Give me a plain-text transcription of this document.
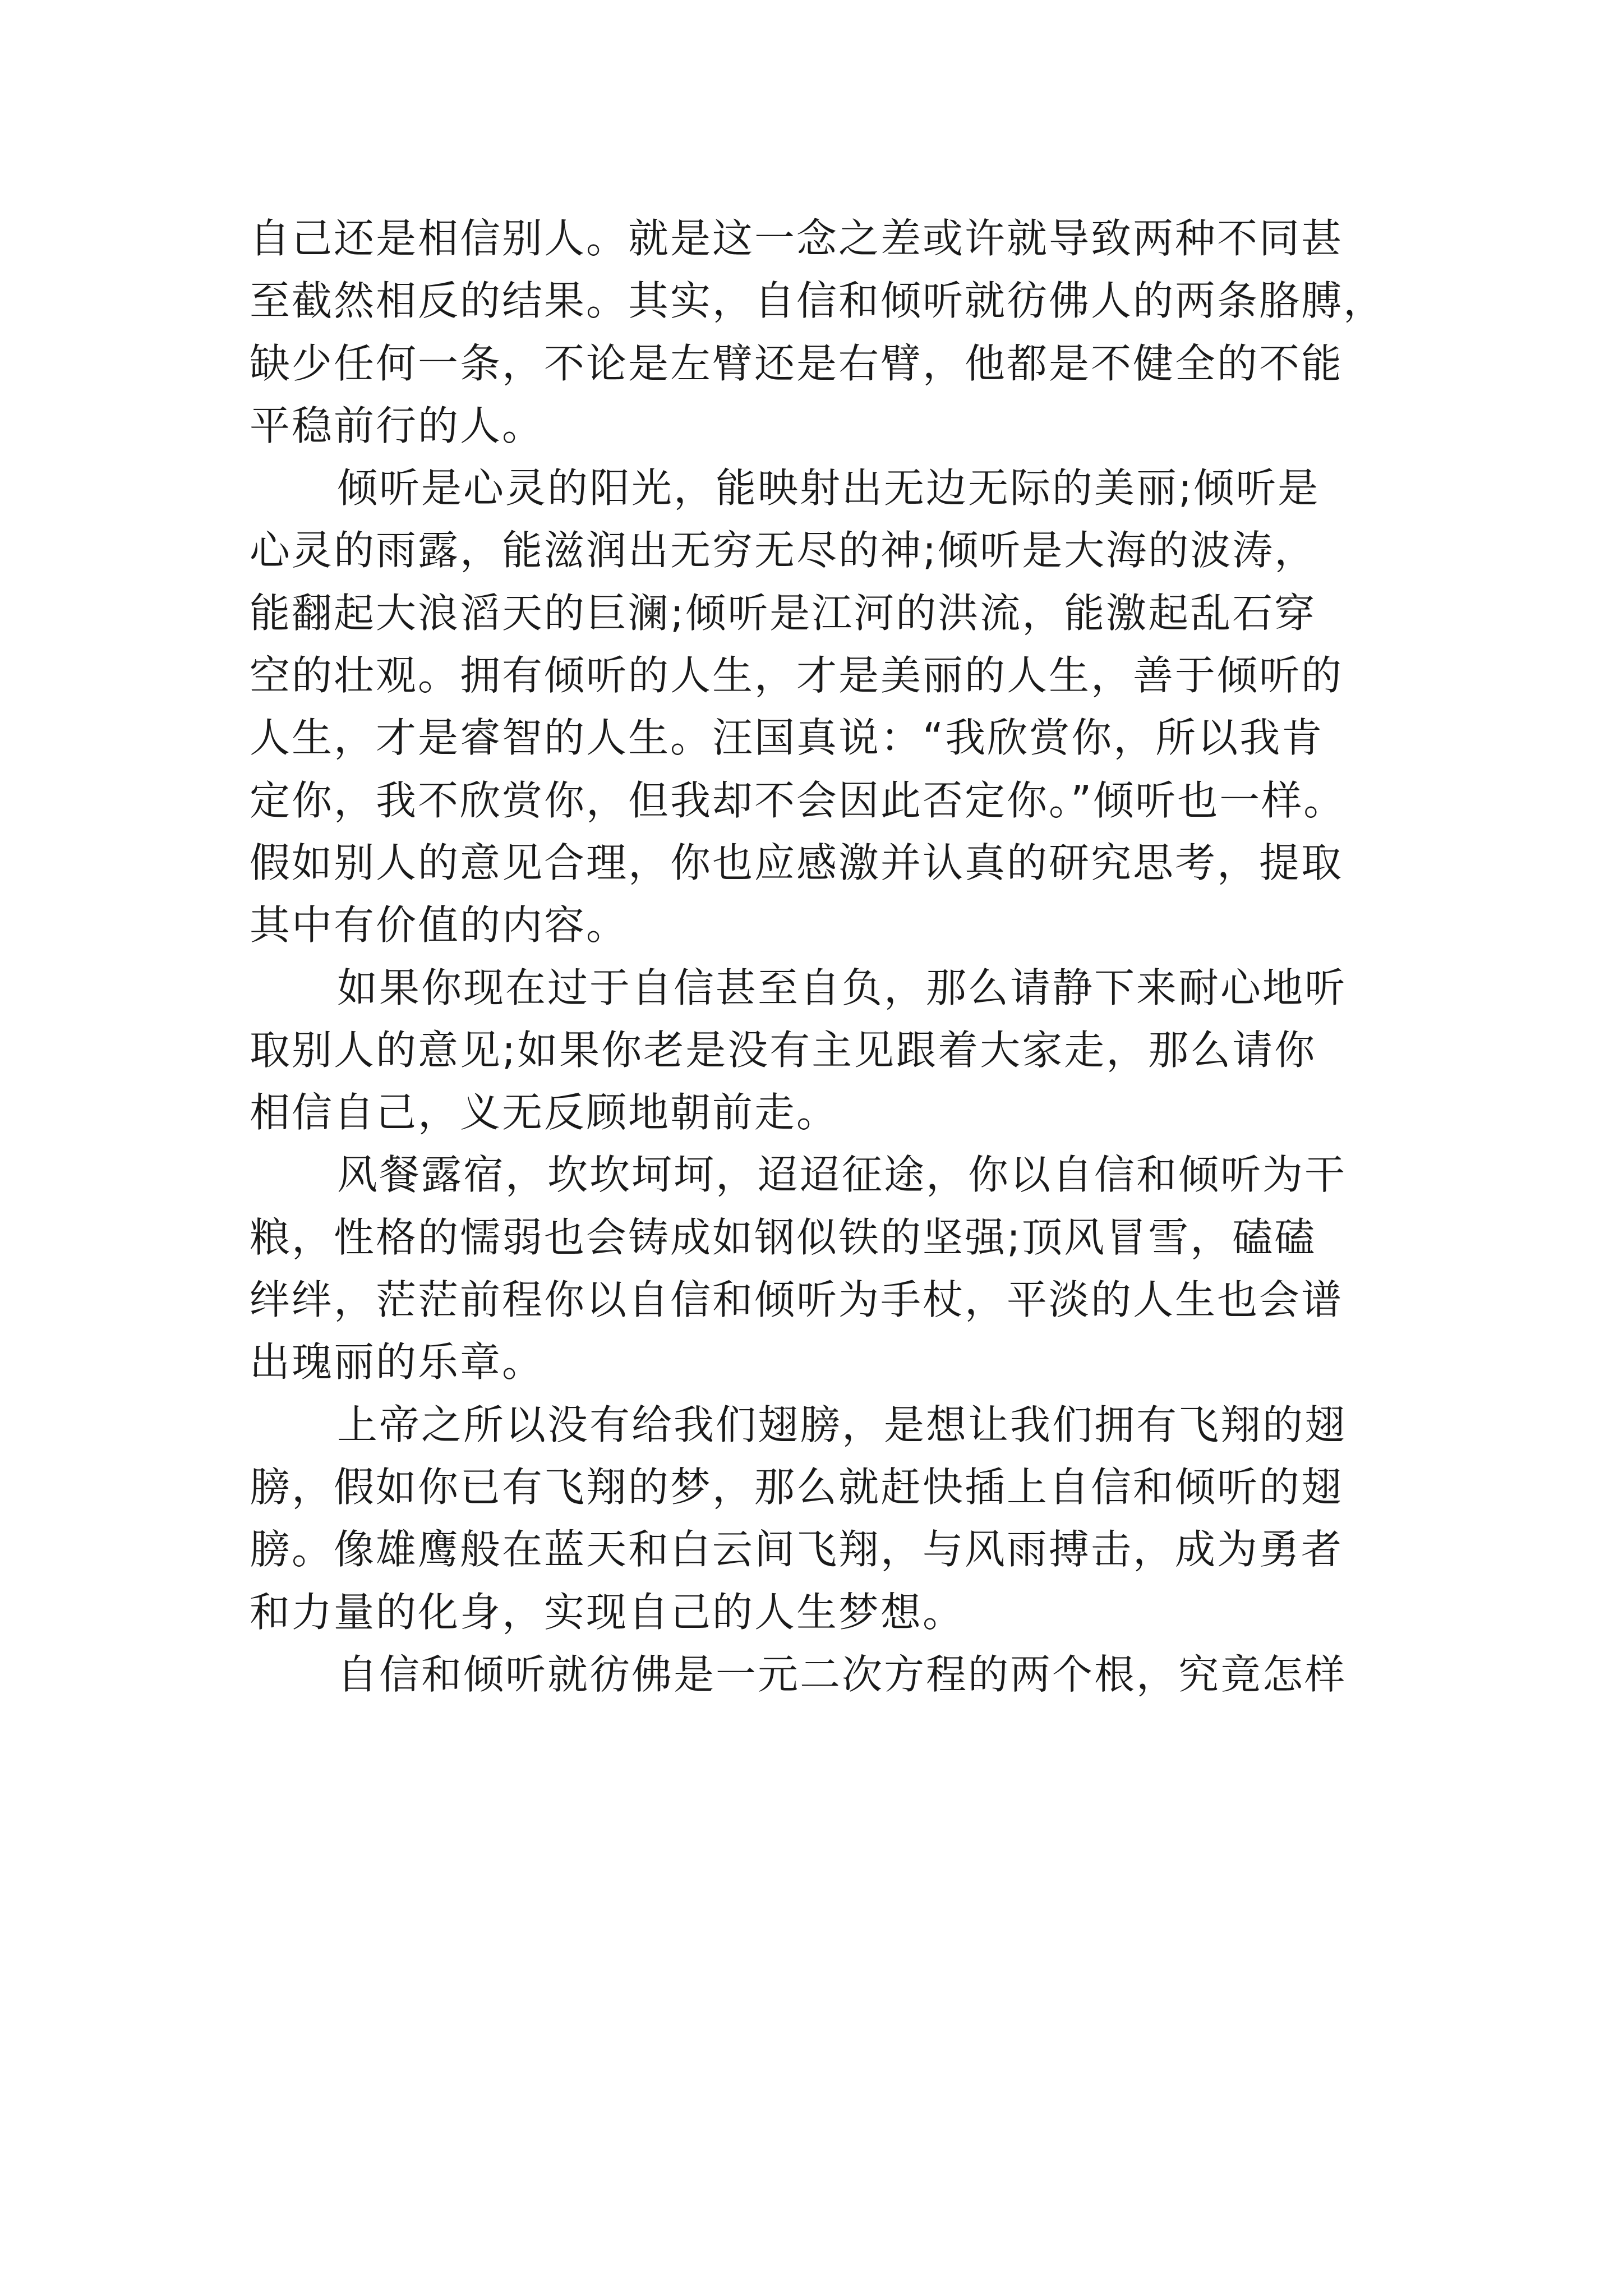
自己还是相信别人。就是这一念之差或许就导致两种不同甚
至截然相反的结果。其实，自信和倾听就彷佛人的两条胳膊，
缺少任何一条，不论是左臂还是右臂，他都是不健全的不能
平稳前行的人。
倾听是心灵的阳光，能映射出无边无际的美丽;倾听是
心灵的雨露，能滋润出无穷无尽的神;倾听是大海的波涛，
能翻起大浪滔天的巨澜;倾听是江河的洪流，能激起乱石穿
空的壮观。拥有倾听的人生，才是美丽的人生，善于倾听的
人生，才是睿智的人生。汪国真说：“我欣赏你，所以我肯
定你，我不欣赏你，但我却不会因此否定你。”倾听也一样。
假如别人的意见合理，你也应感激并认真的研究思考，提取
其中有价值的内容。
如果你现在过于自信甚至自负，那么请静下来耐心地听
取别人的意见;如果你老是没有主见跟着大家走，那么请你
相信自己，义无反顾地朝前走。
风餐露宿，坎坎坷坷，迢迢征途，你以自信和倾听为干
粮，性格的懦弱也会铸成如钢似铁的坚强;顶风冒雪，磕磕
绊绊，茫茫前程你以自信和倾听为手杖，平淡的人生也会谱
出瑰丽的乐章。
上帝之所以没有给我们翅膀，是想让我们拥有飞翔的翅
膀，假如你已有飞翔的梦，那么就赶快插上自信和倾听的翅
膀。像雄鹰般在蓝天和白云间飞翔，与风雨搏击，成为勇者
和力量的化身，实现自己的人生梦想。
自信和倾听就彷佛是一元二次方程的两个根，究竟怎样
